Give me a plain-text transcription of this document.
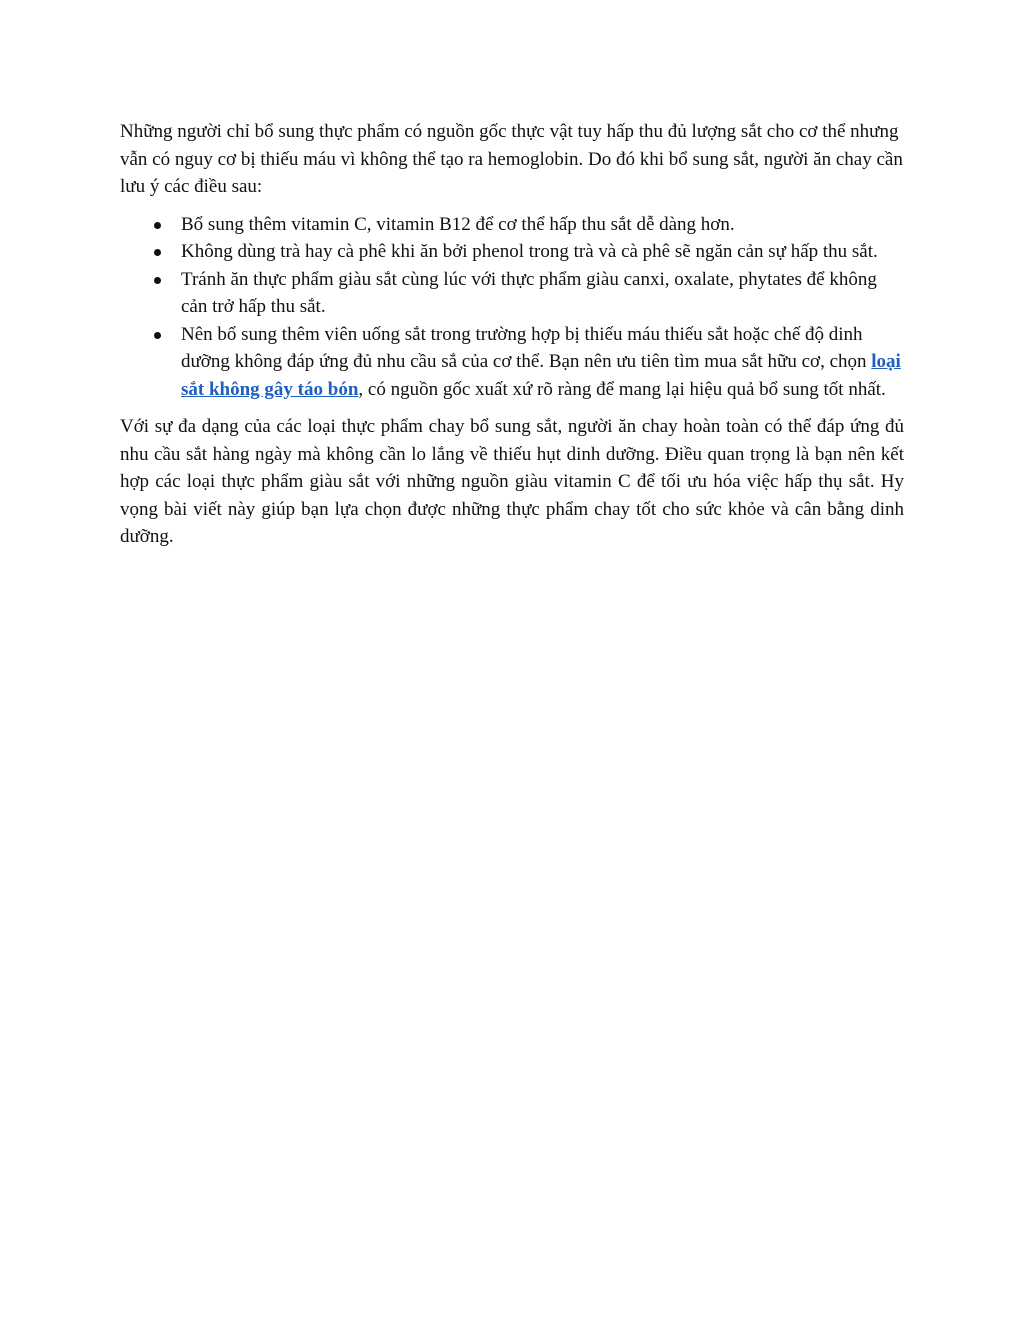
Những người chỉ bổ sung thực phẩm có nguồn gốc thực vật tuy hấp thu đủ lượng sắt cho cơ thể nhưng vẫn có nguy cơ bị thiếu máu vì không thể tạo ra hemoglobin. Do đó khi bổ sung sắt, người ăn chay cần lưu ý các điều sau:

Bổ sung thêm vitamin C, vitamin B12 để cơ thể hấp thu sắt dễ dàng hơn.
Không dùng trà hay cà phê khi ăn bởi phenol trong trà và cà phê sẽ ngăn cản sự hấp thu sắt.
Tránh ăn thực phẩm giàu sắt cùng lúc với thực phẩm giàu canxi, oxalate, phytates để không cản trở hấp thu sắt.
Nên bổ sung thêm viên uống sắt trong trường hợp bị thiếu máu thiếu sắt hoặc chế độ dinh dưỡng không đáp ứng đủ nhu cầu sắ của cơ thể. Bạn nên ưu tiên tìm mua sắt hữu cơ, chọn loại sắt không gây táo bón, có nguồn gốc xuất xứ rõ ràng để mang lại hiệu quả bổ sung tốt nhất.

Với sự đa dạng của các loại thực phẩm chay bổ sung sắt, người ăn chay hoàn toàn có thể đáp ứng đủ nhu cầu sắt hàng ngày mà không cần lo lắng về thiếu hụt dinh dưỡng. Điều quan trọng là bạn nên kết hợp các loại thực phẩm giàu sắt với những nguồn giàu vitamin C để tối ưu hóa việc hấp thụ sắt. Hy vọng bài viết này giúp bạn lựa chọn được những thực phẩm chay tốt cho sức khỏe và cân bằng dinh dưỡng.
